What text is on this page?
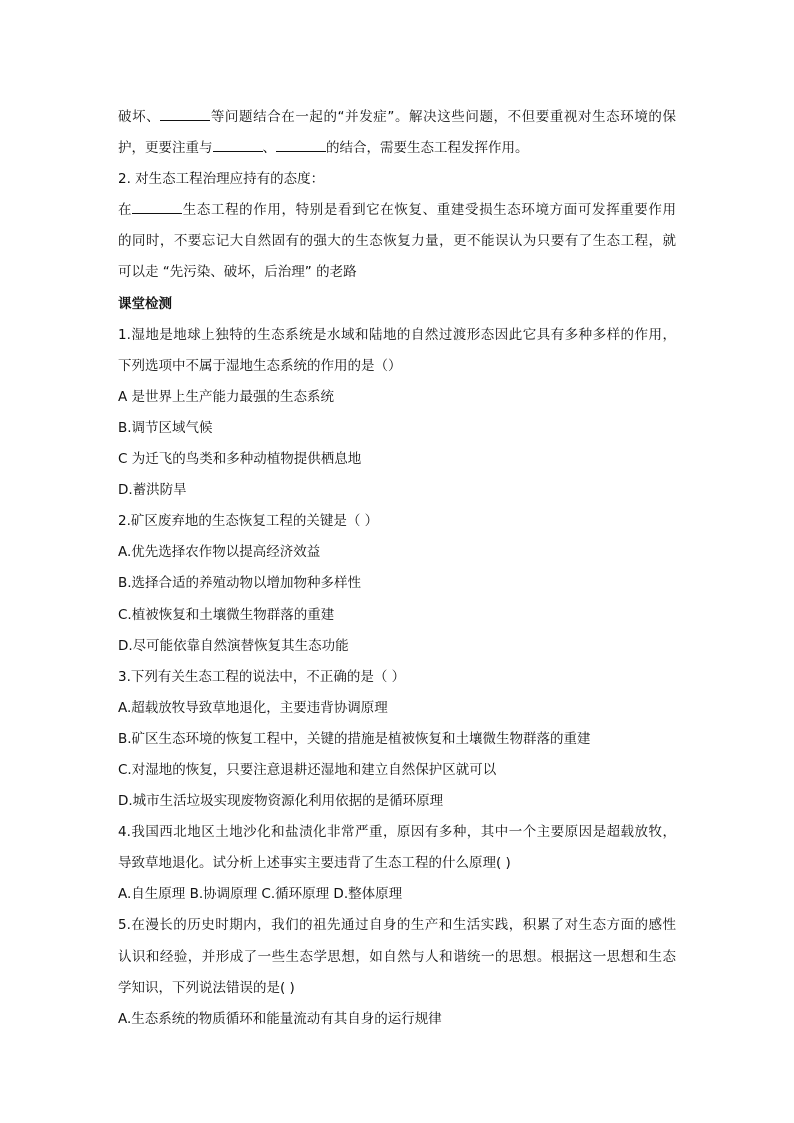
破坏、	等问题结合在一起的“并发症”。解决这些问题，不但要重视对生态环境的保
护，更要注重与	、	的结合，需要生态工程发挥作用。
2. 对生态工程治理应持有的态度：
在	生态工程的作用，特别是看到它在恢复、重建受损生态环境方面可发挥重要作用
的同时，不要忘记大自然固有的强大的生态恢复力量，更不能误认为只要有了生态工程，就
可以走 “先污染、破坏，后治理” 的老路
课堂检测
1.湿地是地球上独特的生态系统是水域和陆地的自然过渡形态因此它具有多种多样的作用，
下列选项中不属于湿地生态系统的作用的是（）
A 是世界上生产能力最强的生态系统
B.调节区域气候
C 为迁飞的鸟类和多种动植物提供栖息地
D.蓄洪防旱
2.矿区废弃地的生态恢复工程的关键是（ ）
A.优先选择农作物以提高经济效益
B.选择合适的养殖动物以增加物种多样性
C.植被恢复和土壤微生物群落的重建
D.尽可能依靠自然演替恢复其生态功能
3.下列有关生态工程的说法中，不正确的是（ ）
A.超载放牧导致草地退化，主要违背协调原理
B.矿区生态环境的恢复工程中，关键的措施是植被恢复和土壤微生物群落的重建
C.对湿地的恢复，只要注意退耕还湿地和建立自然保护区就可以
D.城市生活垃圾实现废物资源化利用依据的是循环原理
4.我国西北地区土地沙化和盐渍化非常严重，原因有多种，其中一个主要原因是超载放牧，
导致草地退化。试分析上述事实主要违背了生态工程的什么原理( )
A.自生原理 B.协调原理 C.循环原理 D.整体原理
5.在漫长的历史时期内，我们的祖先通过自身的生产和生活实践，积累了对生态方面的感性
认识和经验，并形成了一些生态学思想，如自然与人和谐统一的思想。根据这一思想和生态
学知识，下列说法错误的是( )
A.生态系统的物质循环和能量流动有其自身的运行规律
